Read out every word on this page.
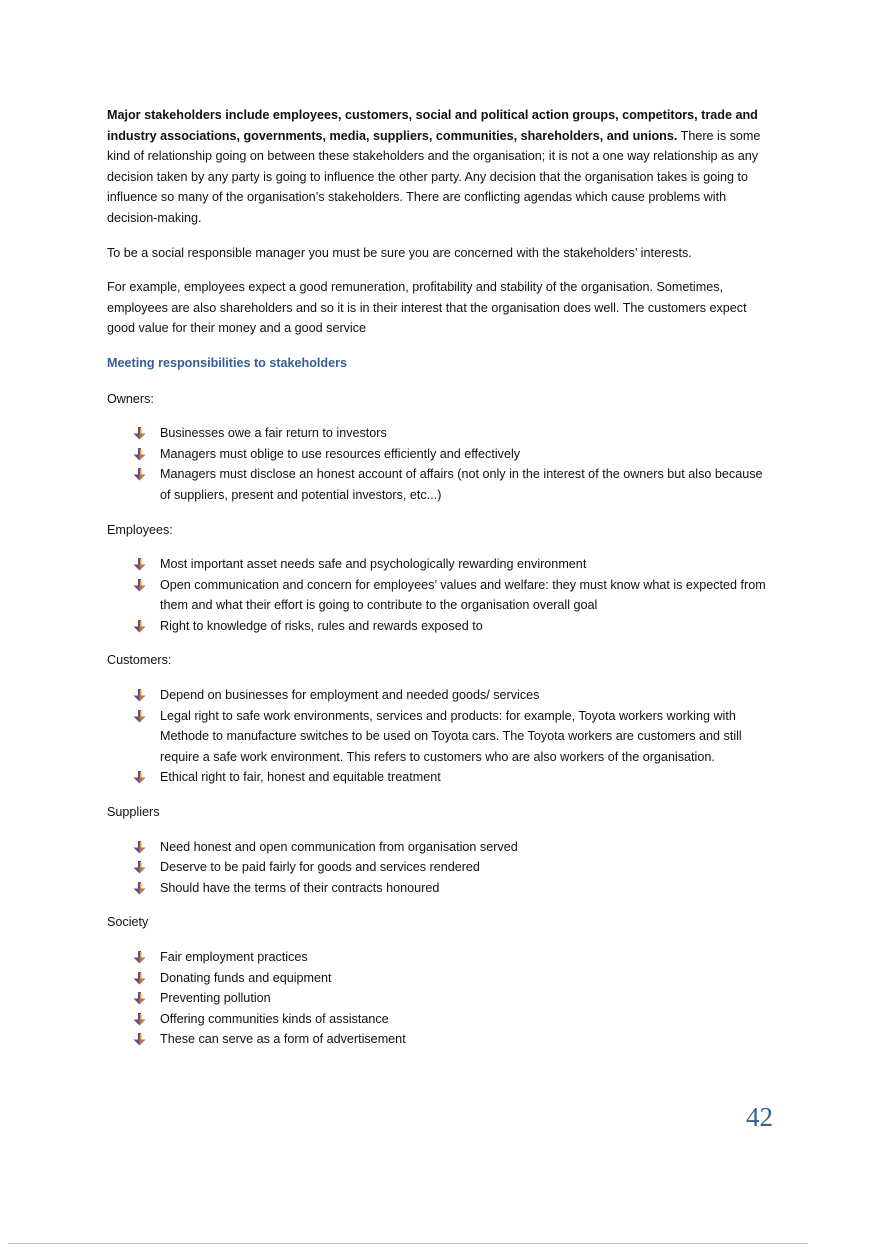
Major stakeholders include employees, customers, social and political action groups, competitors, trade and industry associations, governments, media, suppliers, communities, shareholders, and unions. There is some kind of relationship going on between these stakeholders and the organisation; it is not a one way relationship as any decision taken by any party is going to influence the other party. Any decision that the organisation takes is going to influence so many of the organisation’s stakeholders. There are conflicting agendas which cause problems with decision-making.

To be a social responsible manager you must be sure you are concerned with the stakeholders’ interests.

For example, employees expect a good remuneration, profitability and stability of the organisation. Sometimes, employees are also shareholders and so it is in their interest that the organisation does well. The customers expect good value for their money and a good service

Meeting responsibilities to stakeholders
Owners:
Businesses owe a fair return to investors
Managers must oblige to use resources efficiently and effectively
Managers must disclose an honest account of affairs (not only in the interest of the owners but also because of suppliers, present and potential investors, etc...)
Employees:
Most important asset needs safe and psychologically rewarding environment
Open communication and concern for employees’ values and welfare: they must know what is expected from them and what their effort is going to contribute to the organisation overall goal
Right to knowledge of risks, rules and rewards exposed to
Customers:
Depend on businesses for employment and needed goods/ services
Legal right to safe work environments, services and products: for example, Toyota workers working with Methode to manufacture switches to be used on Toyota cars. The Toyota workers are customers and still require a safe work environment. This refers to customers who are also workers of the organisation.
Ethical right to fair, honest and equitable treatment
Suppliers
Need honest and open communication from organisation served
Deserve to be paid fairly for goods and services rendered
Should have the terms of their contracts honoured
Society
Fair employment practices
Donating funds and equipment
Preventing pollution
Offering communities kinds of assistance
These can serve as a form of advertisement
42
